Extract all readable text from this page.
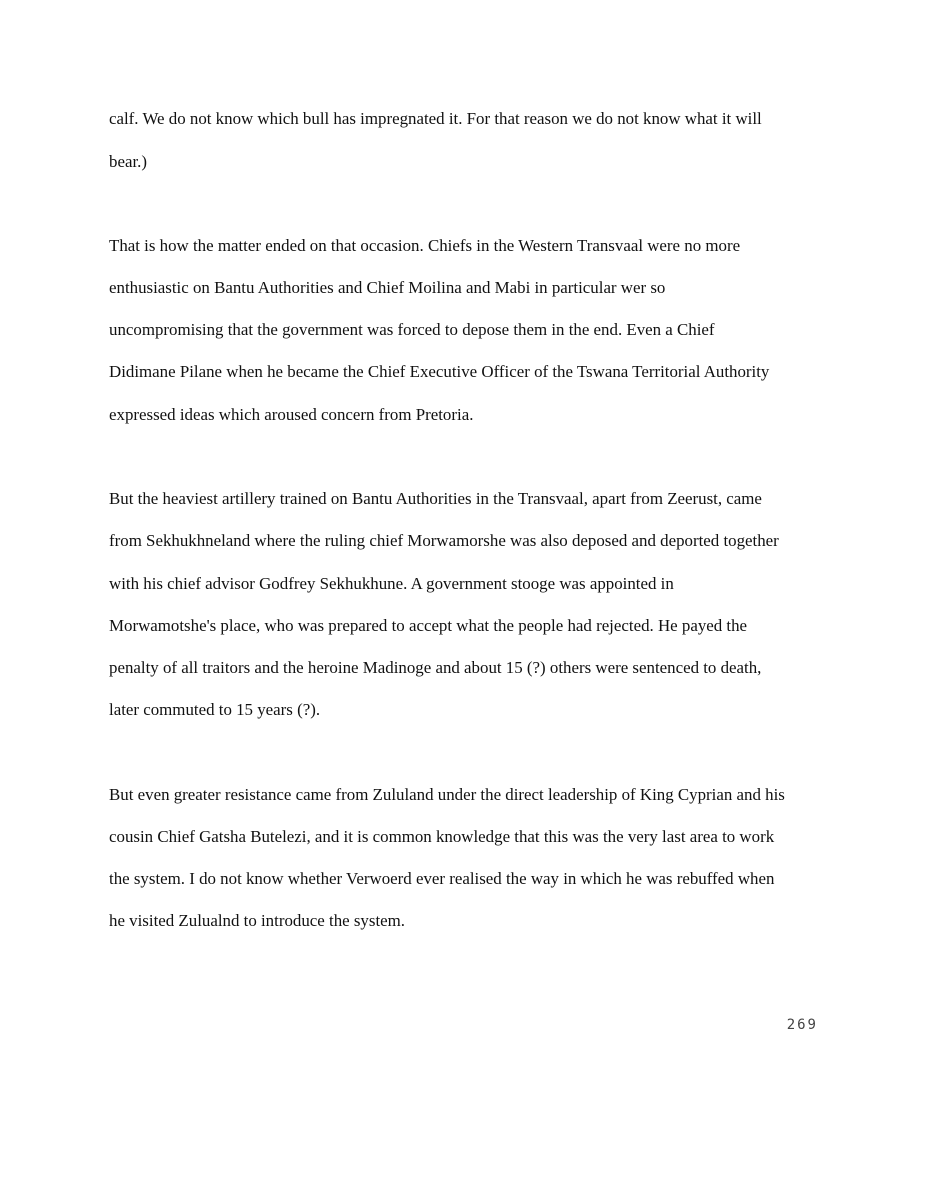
calf. We do not know which bull has impregnated it. For that reason we do not know what it will

bear.)

That is how the matter ended on that occasion. Chiefs in the Western Transvaal were no more

enthusiastic on Bantu Authorities and Chief Moilina and Mabi in particular wer so

uncompromising that the government was forced to depose them in the end. Even a Chief

Didimane Pilane when he became the Chief Executive Officer of the Tswana Territorial Authority

expressed ideas which aroused concern from Pretoria.

But the heaviest artillery trained on Bantu Authorities in the Transvaal, apart from Zeerust, came

from Sekhukhneland where the ruling chief Morwamorshe was also deposed and deported together

with his chief advisor Godfrey Sekhukhune. A government stooge was appointed in

Morwamotshe's place, who was prepared to accept what the people had rejected. He payed the

penalty of all traitors and the heroine Madinoge and about 15 (?) others were sentenced to death,

later commuted to 15 years (?).

But even greater resistance came from Zululand under the direct leadership of King Cyprian and his

cousin Chief Gatsha Butelezi, and it is common knowledge that this was the very last area to work

the system. I do not know whether Verwoerd ever realised the way in which he was rebuffed when

he visited Zulualnd to introduce the system.

269
